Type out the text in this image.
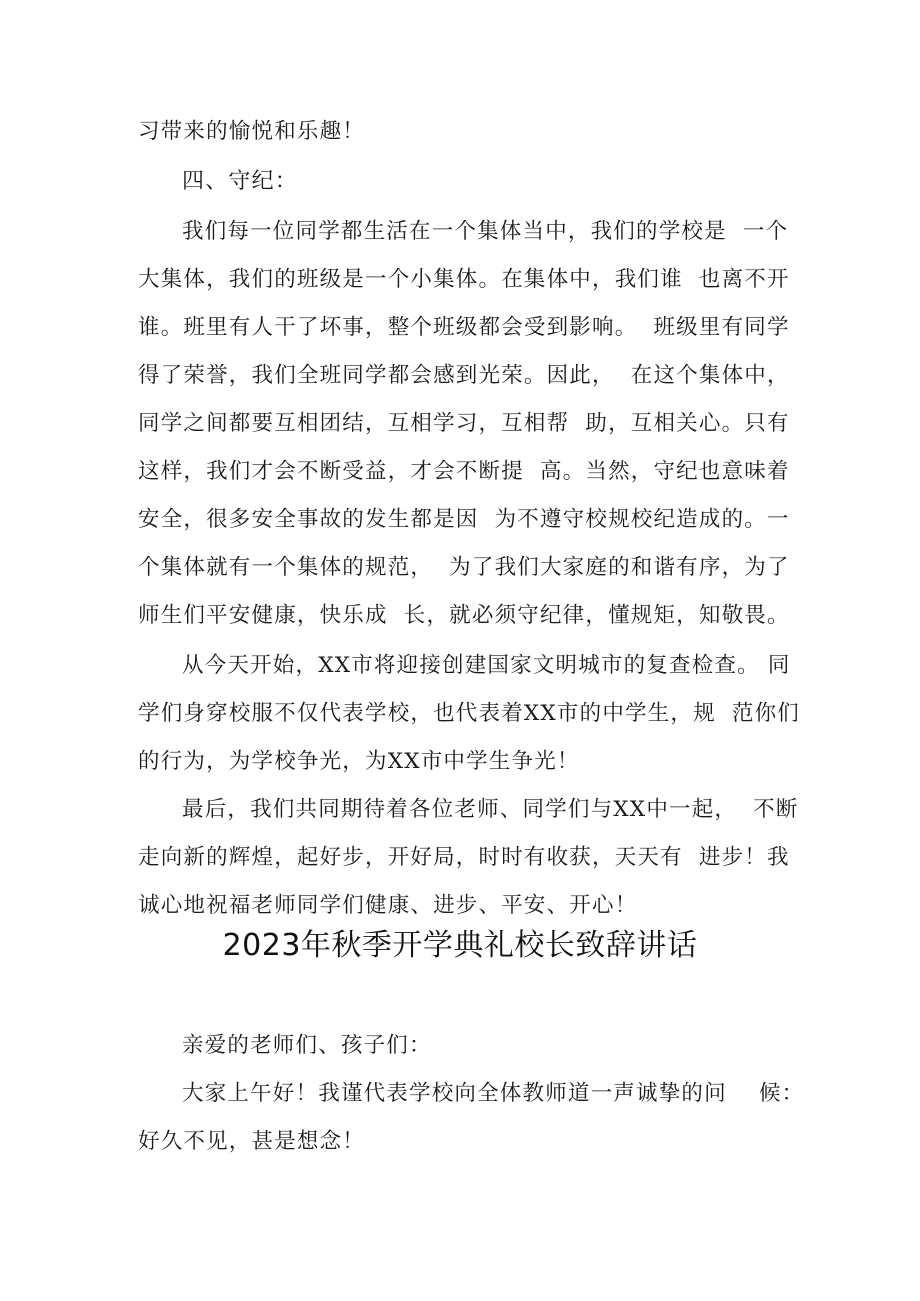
习带来的愉悦和乐趣！
四、守纪：
我们每一位同学都生活在一个集体当中，我们的学校是  一个
大集体，我们的班级是一个小集体。在集体中，我们谁  也离不开
谁。班里有人干了坏事，整个班级都会受到影响。  班级里有同学
得了荣誉，我们全班同学都会感到光荣。因此，  在这个集体中，
同学之间都要互相团结，互相学习，互相帮  助，互相关心。只有
这样，我们才会不断受益，才会不断提  高。当然，守纪也意味着
安全，很多安全事故的发生都是因  为不遵守校规校纪造成的。一
个集体就有一个集体的规范，  为了我们大家庭的和谐有序，为了
师生们平安健康，快乐成  长，就必须守纪律，懂规矩，知敬畏。
从今天开始，XX市将迎接创建国家文明城市的复查检查。 同
学们身穿校服不仅代表学校，也代表着XX市的中学生，规  范你们
的行为，为学校争光，为XX市中学生争光！
最后，我们共同期待着各位老师、同学们与XX中一起，  不断
走向新的辉煌，起好步，开好局，时时有收获，天天有  进步！我
诚心地祝福老师同学们健康、进步、平安、开心！
2023年秋季开学典礼校长致辞讲话
亲爱的老师们、孩子们：
大家上午好！我谨代表学校向全体教师道一声诚挚的问    候：
好久不见，甚是想念！
